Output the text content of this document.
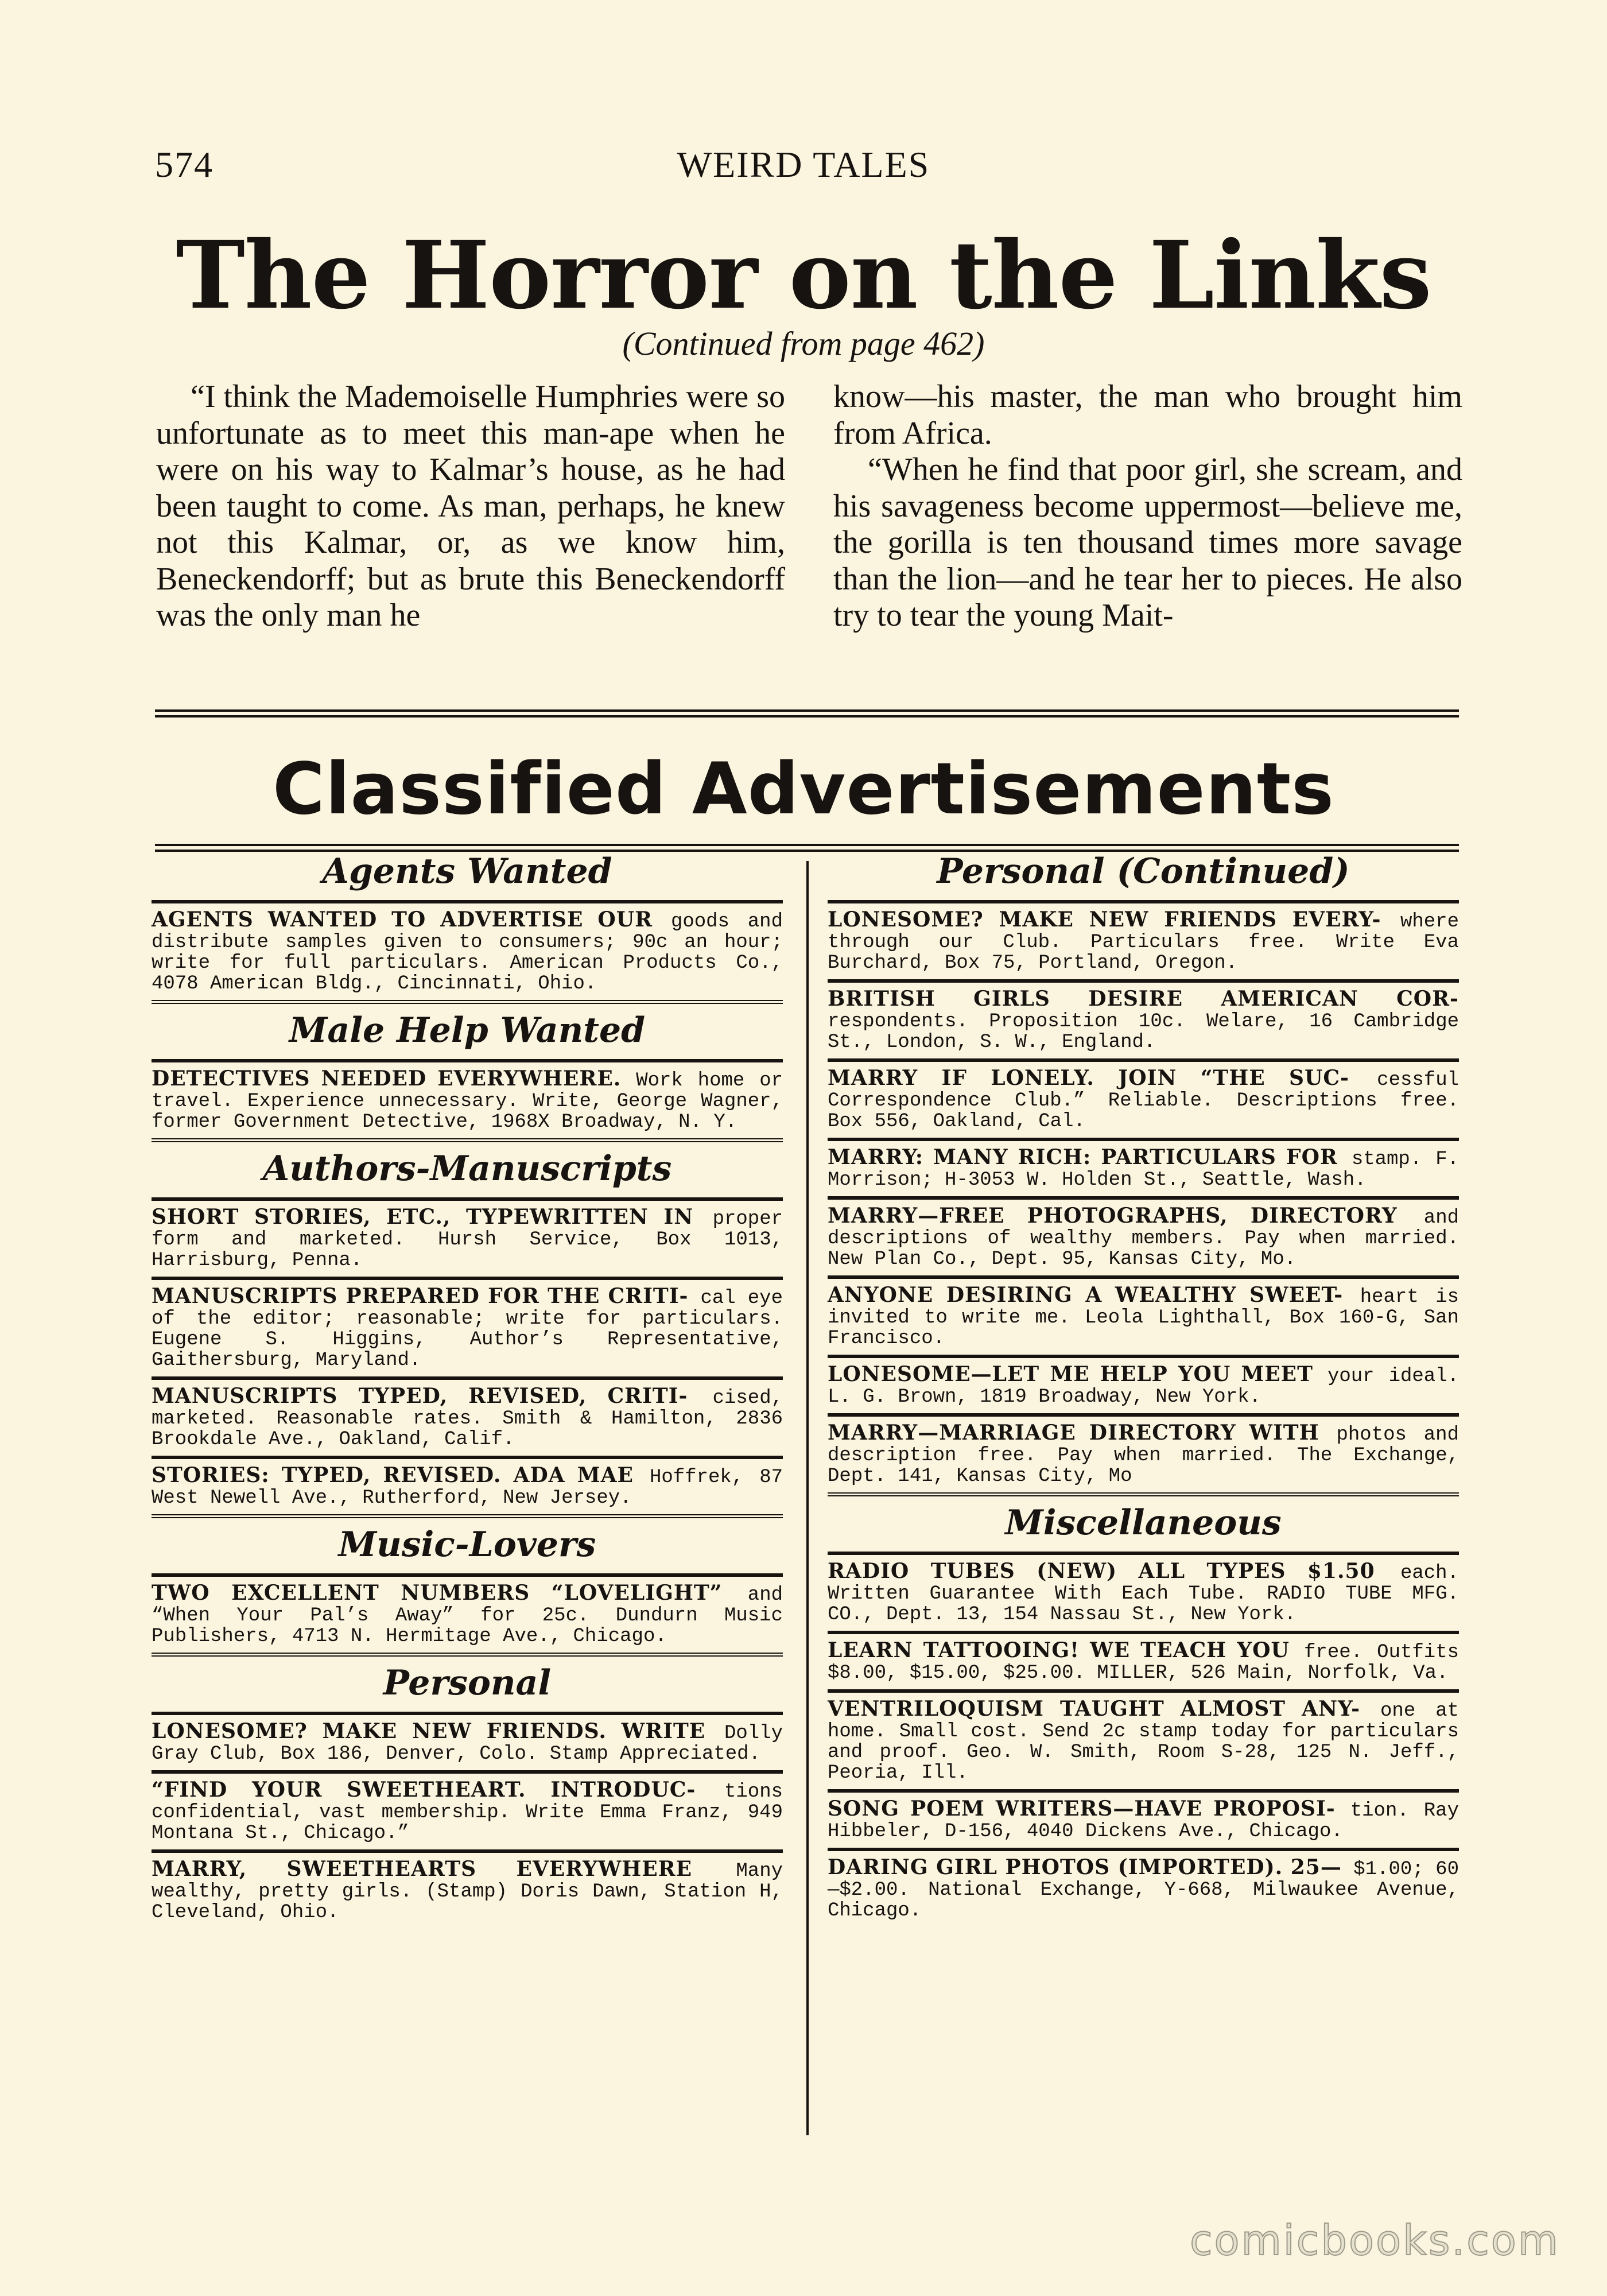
574	WEIRD TALES
The Horror on the Links
(Continued from page 462)

“I think the Mademoiselle Humphries were so unfortunate as to meet this man-ape when he were on his way to Kalmar’s house, as he had been taught to come. As man, perhaps, he knew not this Kalmar, or, as we know him, Beneckendorff; but as brute this Beneckendorff was the only man he

know—his master, the man who brought him from Africa.

“When he find that poor girl, she scream, and his savageness become uppermost—believe me, the gorilla is ten thousand times more savage than the lion—and he tear her to pieces. He also try to tear the young Mait-

Classified Advertisements
Agents Wanted
AGENTS WANTED TO ADVERTISE OUR goods and distribute samples given to consumers; 90c an hour; write for full particulars. American Products Co., 4078 American Bldg., Cincinnati, Ohio.
Male Help Wanted
DETECTIVES NEEDED EVERYWHERE. Work home or travel. Experience unnecessary. Write, George Wagner, former Government Detective, 1968X Broadway, N. Y.
Authors-Manuscripts
SHORT STORIES, ETC., TYPEWRITTEN IN proper form and marketed. Hursh Service, Box 1013, Harrisburg, Penna.
MANUSCRIPTS PREPARED FOR THE CRITI- cal eye of the editor; reasonable; write for particulars. Eugene S. Higgins, Author’s Representative, Gaithersburg, Maryland.
MANUSCRIPTS TYPED, REVISED, CRITI- cised, marketed. Reasonable rates. Smith & Hamilton, 2836 Brookdale Ave., Oakland, Calif.
STORIES: TYPED, REVISED. ADA MAE Hoffrek, 87 West Newell Ave., Rutherford, New Jersey.
Music-Lovers
TWO EXCELLENT NUMBERS “LOVELIGHT” and “When Your Pal’s Away” for 25c. Dundurn Music Publishers, 4713 N. Hermitage Ave., Chicago.
Personal
LONESOME? MAKE NEW FRIENDS. WRITE Dolly Gray Club, Box 186, Denver, Colo. Stamp Appreciated.
“FIND YOUR SWEETHEART. INTRODUC- tions confidential, vast membership. Write Emma Franz, 949 Montana St., Chicago.”
MARRY, SWEETHEARTS EVERYWHERE Many wealthy, pretty girls. (Stamp) Doris Dawn, Station H, Cleveland, Ohio.
Personal (Continued)
LONESOME? MAKE NEW FRIENDS EVERY- where through our Club. Particulars free. Write Eva Burchard, Box 75, Portland, Oregon.
BRITISH GIRLS DESIRE AMERICAN COR- respondents. Proposition 10c. Welare, 16 Cambridge St., London, S. W., England.
MARRY IF LONELY. JOIN “THE SUC- cessful Correspondence Club.” Reliable. Descriptions free. Box 556, Oakland, Cal.
MARRY: MANY RICH: PARTICULARS FOR stamp. F. Morrison; H-3053 W. Holden St., Seattle, Wash.
MARRY—FREE PHOTOGRAPHS, DIRECTORY and descriptions of wealthy members. Pay when married. New Plan Co., Dept. 95, Kansas City, Mo.
ANYONE DESIRING A WEALTHY SWEET- heart is invited to write me. Leola Lighthall, Box 160-G, San Francisco.
LONESOME—LET ME HELP YOU MEET your ideal. L. G. Brown, 1819 Broadway, New York.
MARRY—MARRIAGE DIRECTORY WITH photos and description free. Pay when married. The Exchange, Dept. 141, Kansas City, Mo
Miscellaneous
RADIO TUBES (NEW) ALL TYPES $1.50 each. Written Guarantee With Each Tube. RADIO TUBE MFG. CO., Dept. 13, 154 Nassau St., New York.
LEARN TATTOOING! WE TEACH YOU free. Outfits $8.00, $15.00, $25.00. MILLER, 526 Main, Norfolk, Va.
VENTRILOQUISM TAUGHT ALMOST ANY- one at home. Small cost. Send 2c stamp today for particulars and proof. Geo. W. Smith, Room S-28, 125 N. Jeff., Peoria, Ill.
SONG POEM WRITERS—HAVE PROPOSI- tion. Ray Hibbeler, D-156, 4040 Dickens Ave., Chicago.
DARING GIRL PHOTOS (IMPORTED). 25— $1.00; 60—$2.00. National Exchange, Y-668, Milwaukee Avenue, Chicago.
comicbooks.com
